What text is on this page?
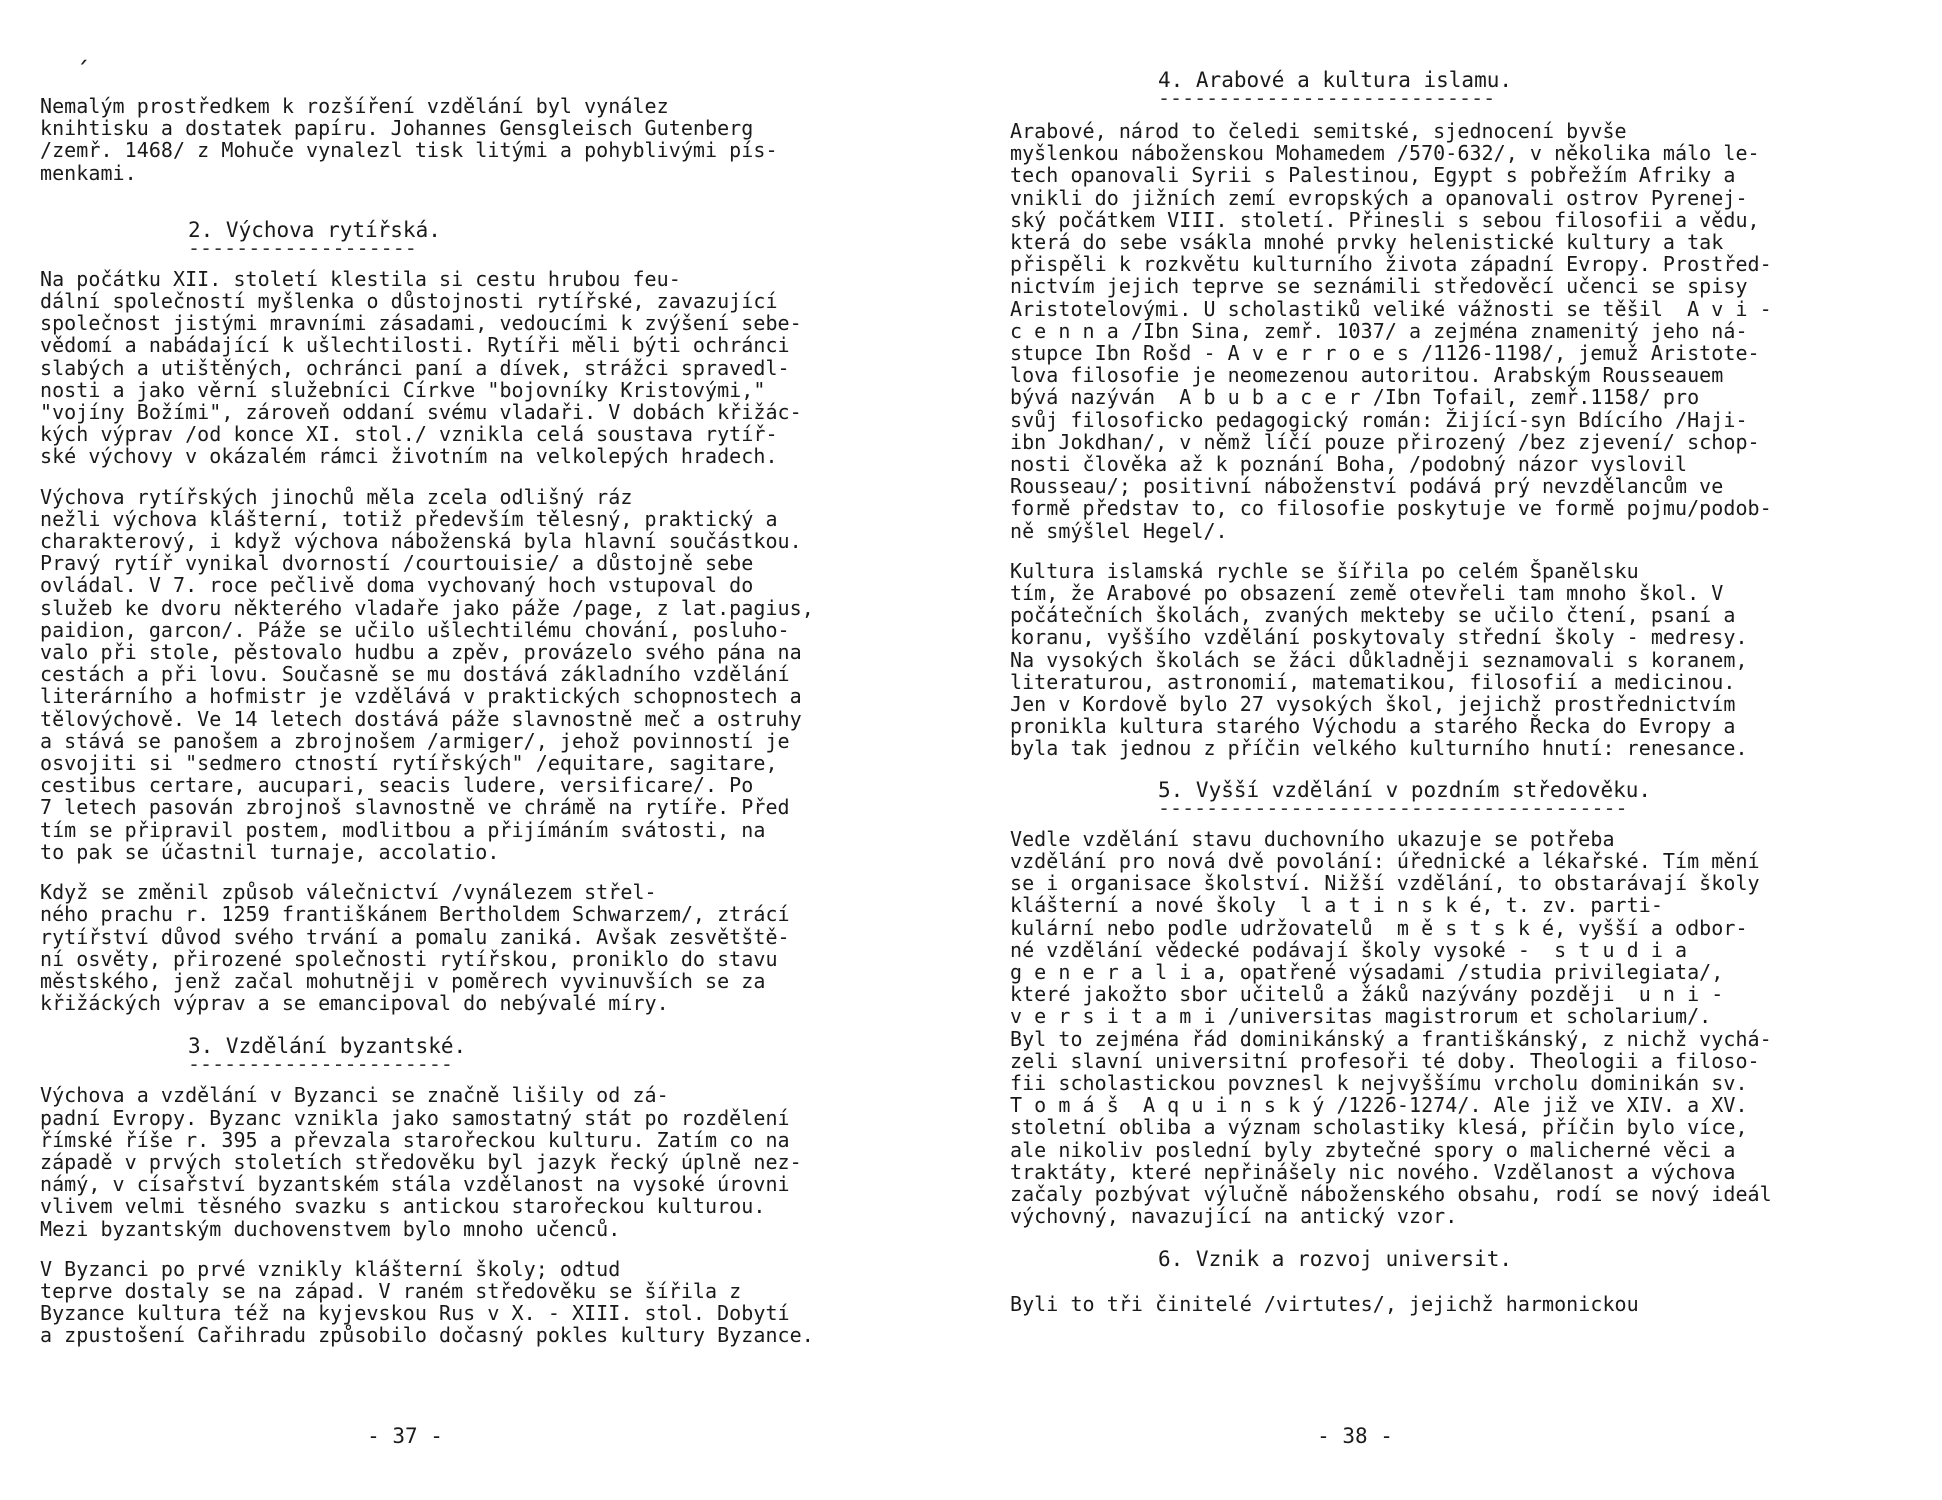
ˏ

Nemalým prostředkem k rozšíření vzdělání byl vynález
knihtisku a dostatek papíru. Johannes Gensgleisch Gutenberg
/zemř. 1468/ z Mohuče vynalezl tisk litými a pohyblivými pís-
menkami.

2. Výchova rytířská.
-------------------

Na počátku XII. století klestila si cestu hrubou feu-
dální společností myšlenka o důstojnosti rytířské, zavazující
společnost jistými mravními zásadami, vedoucími k zvýšení sebe-
vědomí a nabádající k ušlechtilosti. Rytíři měli býti ochránci
slabých a utištěných, ochránci paní a dívek, strážci spravedl-
nosti a jako věrní služebníci Církve "bojovníky Kristovými,"
"vojíny Božími", zároveň oddaní svému vladaři. V dobách křižác-
kých výprav /od konce XI. stol./ vznikla celá soustava rytíř-
ské výchovy v okázalém rámci životním na velkolepých hradech.

Výchova rytířských jinochů měla zcela odlišný ráz
nežli výchova klášterní, totiž především tělesný, praktický a
charakterový, i když výchova náboženská byla hlavní součástkou.
Pravý rytíř vynikal dvorností /courtouisie/ a důstojně sebe
ovládal. V 7. roce pečlivě doma vychovaný hoch vstupoval do
služeb ke dvoru některého vladaře jako páže /page, z lat.pagius,
paidion, garcon/. Páže se učilo ušlechtilému chování, posluho-
valo při stole, pěstovalo hudbu a zpěv, provázelo svého pána na
cestách a při lovu. Současně se mu dostává základního vzdělání
literárního a hofmistr je vzdělává v praktických schopnostech a
tělovýchově. Ve 14 letech dostává páže slavnostně meč a ostruhy
a stává se panošem a zbrojnošem /armiger/, jehož povinností je
osvojiti si "sedmero ctností rytířských" /equitare, sagitare,
cestibus certare, aucupari, seacis ludere, versificare/. Po
7 letech pasován zbrojnoš slavnostně ve chrámě na rytíře. Před
tím se připravil postem, modlitbou a přijímáním svátosti, na
to pak se účastnil turnaje, accolatio.

Když se změnil způsob válečnictví /vynálezem střel-
ného prachu r. 1259 františkánem Bertholdem Schwarzem/, ztrácí
rytířství důvod svého trvání a pomalu zaniká. Avšak zesvětště-
ní osvěty, přirozené společnosti rytířskou, proniklo do stavu
městského, jenž začal mohutněji v poměrech vyvinuvších se za
křižáckých výprav a se emancipoval do nebývalé míry.

3. Vzdělání byzantské.
----------------------

Výchova a vzdělání v Byzanci se značně lišily od zá-
padní Evropy. Byzanc vznikla jako samostatný stát po rozdělení
římské říše r. 395 a převzala starořeckou kulturu. Zatím co na
západě v prvých stoletích středověku byl jazyk řecký úplně nez-
námý, v císařství byzantském stála vzdělanost na vysoké úrovni
vlivem velmi těsného svazku s antickou starořeckou kulturou.
Mezi byzantským duchovenstvem bylo mnoho učenců.

V Byzanci po prvé vznikly klášterní školy; odtud
teprve dostaly se na západ. V raném středověku se šířila z
Byzance kultura též na kyjevskou Rus v X. - XIII. stol. Dobytí
a zpustošení Cařihradu způsobilo dočasný pokles kultury Byzance.

- 37 -
4. Arabové a kultura islamu.
----------------------------

Arabové, národ to čeledi semitské, sjednocení byvše
myšlenkou náboženskou Mohamedem /570-632/, v několika málo le-
tech opanovali Syrii s Palestinou, Egypt s pobřežím Afriky a
vnikli do jižních zemí evropských a opanovali ostrov Pyrenej-
ský počátkem VIII. století. Přinesli s sebou filosofii a vědu,
která do sebe vsákla mnohé prvky helenistické kultury a tak
přispěli k rozkvětu kulturního života západní Evropy. Prostřed-
nictvím jejich teprve se seznámili středověcí učenci se spisy
Aristotelovými. U scholastiků veliké vážnosti se těšil  A v i -
c e n n a /Ibn Sina, zemř. 1037/ a zejména znamenitý jeho ná-
stupce Ibn Rošd - A v e r r o e s /1126-1198/, jemuž Aristote-
lova filosofie je neomezenou autoritou. Arabským Rousseauem
bývá nazýván  A b u b a c e r /Ibn Tofail, zemř.1158/ pro
svůj filosoficko pedagogický román: Žijící-syn Bdícího /Haji-
ibn Jokdhan/, v němž líčí pouze přirozený /bez zjevení/ schop-
nosti člověka až k poznání Boha, /podobný názor vyslovil
Rousseau/; positivní náboženství podává prý nevzdělancům ve
formě představ to, co filosofie poskytuje ve formě pojmu/podob-
ně smýšlel Hegel/.

Kultura islamská rychle se šířila po celém Španělsku
tím, že Arabové po obsazení země otevřeli tam mnoho škol. V
počátečních školách, zvaných mekteby se učilo čtení, psaní a
koranu, vyššího vzdělání poskytovaly střední školy - medresy.
Na vysokých školách se žáci důkladněji seznamovali s koranem,
literaturou, astronomií, matematikou, filosofií a medicinou.
Jen v Kordově bylo 27 vysokých škol, jejichž prostřednictvím
pronikla kultura starého Východu a starého Řecka do Evropy a
byla tak jednou z příčin velkého kulturního hnutí: renesance.

5. Vyšší vzdělání v pozdním středověku.
---------------------------------------

Vedle vzdělání stavu duchovního ukazuje se potřeba
vzdělání pro nová dvě povolání: úřednické a lékařské. Tím mění
se i organisace školství. Nižší vzdělání, to obstarávají školy
klášterní a nové školy  l a t i n s k é, t. zv. parti-
kulární nebo podle udržovatelů  m ě s t s k é, vyšší a odbor-
né vzdělání vědecké podávají školy vysoké -  s t u d i a
g e n e r a l i a, opatřené výsadami /studia privilegiata/,
které jakožto sbor učitelů a žáků nazývány později  u n i -
v e r s i t a m i /universitas magistrorum et scholarium/.
Byl to zejména řád dominikánský a františkánský, z nichž vychá-
zeli slavní universitní profesoři té doby. Theologii a filoso-
fii scholastickou povznesl k nejvyššímu vrcholu dominikán sv.
T o m á š  A q u i n s k ý /1226-1274/. Ale již ve XIV. a XV.
stoletní obliba a význam scholastiky klesá, příčin bylo více,
ale nikoliv poslední byly zbytečné spory o malicherné věci a
traktáty, které nepřinášely nic nového. Vzdělanost a výchova
začaly pozbývat výlučně náboženského obsahu, rodí se nový ideál
výchovný, navazující na antický vzor.

6. Vznik a rozvoj universit.

Byli to tři činitelé /virtutes/, jejichž harmonickou

- 38 -
